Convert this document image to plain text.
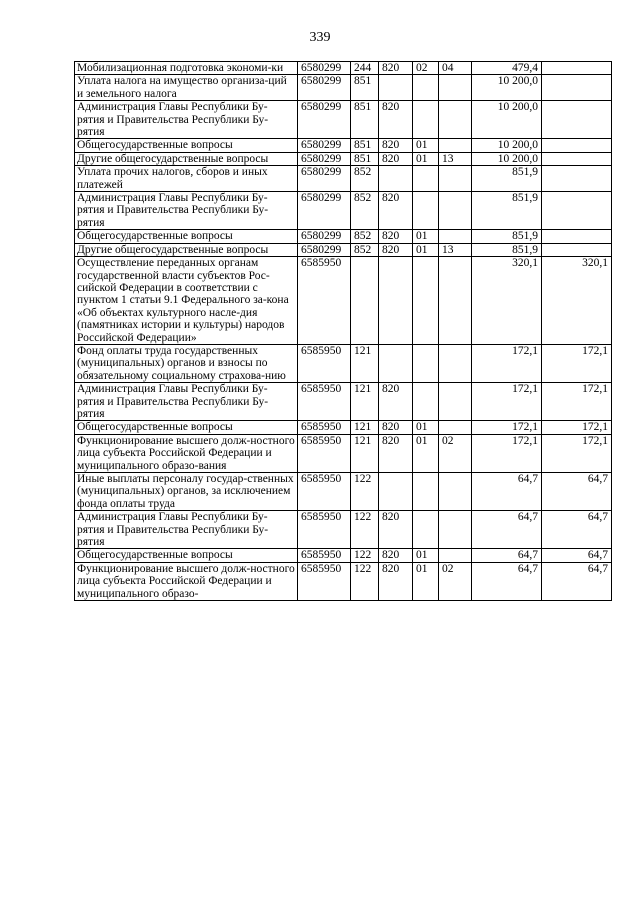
339
Мобилизационная подготовка экономи-ки	6580299	244	820	02	04	479,4	
Уплата налога на имущество организа-ций и земельного налога	6580299	851				10 200,0	
Администрация Главы Республики Бу-рятия и Правительства Республики Бу-рятия	6580299	851	820			10 200,0	
Общегосударственные вопросы	6580299	851	820	01		10 200,0	
Другие общегосударственные вопросы	6580299	851	820	01	13	10 200,0	
Уплата прочих налогов, сборов и иных платежей	6580299	852				851,9	
Администрация Главы Республики Бу-рятия и Правительства Республики Бу-рятия	6580299	852	820			851,9	
Общегосударственные вопросы	6580299	852	820	01		851,9	
Другие общегосударственные вопросы	6580299	852	820	01	13	851,9	
Осуществление переданных органам государственной власти субъектов Рос-сийской Федерации в соответствии с пунктом 1 статьи 9.1 Федерального за-кона «Об объектах культурного насле-дия (памятниках истории и культуры) народов Российской Федерации»	6585950					320,1	320,1
Фонд оплаты труда государственных (муниципальных) органов и взносы по обязательному социальному страхова-нию	6585950	121				172,1	172,1
Администрация Главы Республики Бу-рятия и Правительства Республики Бу-рятия	6585950	121	820			172,1	172,1
Общегосударственные вопросы	6585950	121	820	01		172,1	172,1
Функционирование высшего долж-ностного лица субъекта Российской Федерации и муниципального образо-вания	6585950	121	820	01	02	172,1	172,1
Иные выплаты персоналу государ-ственных (муниципальных) органов, за исключением фонда оплаты труда	6585950	122				64,7	64,7
Администрация Главы Республики Бу-рятия и Правительства Республики Бу-рятия	6585950	122	820			64,7	64,7
Общегосударственные вопросы	6585950	122	820	01		64,7	64,7
Функционирование высшего долж-ностного лица субъекта Российской Федерации и муниципального образо-	6585950	122	820	01	02	64,7	64,7
